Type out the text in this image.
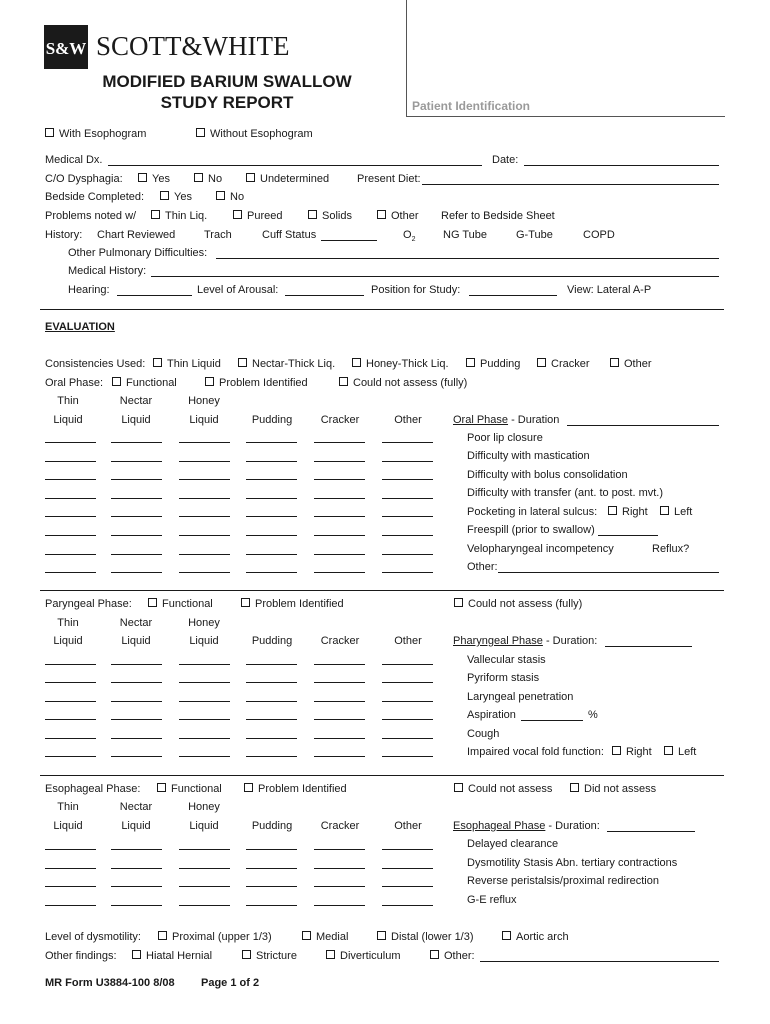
S&W SCOTT&WHITE
MODIFIED BARIUM SWALLOW
STUDY REPORT	Patient Identification
With Esophogram	Without Esophogram
Medical Dx.	Date:
C/O Dysphagia:	Yes	No	Undetermined	Present Diet:
Bedside Completed:	Yes	No
Problems noted w/	Thin Liq.	Pureed	Solids	Other Refer to Bedside Sheet
History: Chart Reviewed	Trach	Cuff Status	$O_2$	NG Tube	G-Tube	COPD
Other Pulmonary Difficulties:
Medical History:
Hearing:	Level of Arousal:	Position for Study:	View: Lateral A-P
EVALUATION
Consistencies Used:	Thin Liquid	Nectar-Thick Liq.	Honey-Thick Liq.	Pudding	Cracker	Other
Oral Phase:	Functional	Problem Identified	Could not assess (fully)
Thin	Nectar	Honey
Liquid	Liquid	Liquid	Pudding	Cracker	Other	Oral Phase - Duration
Poor lip closure
Difficulty with mastication
Difficulty with bolus consolidation
Difficulty with transfer (ant. to post. mvt.)
Pocketing in lateral sulcus:	Right	Left
Freespill (prior to swallow)
Velopharyngeal incompetency	Reflux?
Other:
Paryngeal Phase:	Functional	Problem Identified	Could not assess (fully)
Thin	Nectar	Honey
Liquid	Liquid	Liquid	Pudding	Cracker	Other	Pharyngeal Phase - Duration:
Vallecular stasis
Pyriform stasis
Laryngeal penetration
Aspiration	%
Cough
Impaired vocal fold function:	Right	Left
Esophageal Phase:	Functional	Problem Identified	Could not assess	Did not assess
Thin	Nectar	Honey
Liquid	Liquid	Liquid	Pudding	Cracker	Other	Esophageal Phase - Duration:
Delayed clearance
Dysmotility Stasis Abn. tertiary contractions
Reverse peristalsis/proximal redirection
G-E reflux
Level of dysmotility:	Proximal (upper 1/3)	Medial	Distal (lower 1/3)	Aortic arch
Other findings:	Hiatal Hernial	Stricture	Diverticulum	Other:
MR Form U3884-100 8/08 Page 1 of 2
